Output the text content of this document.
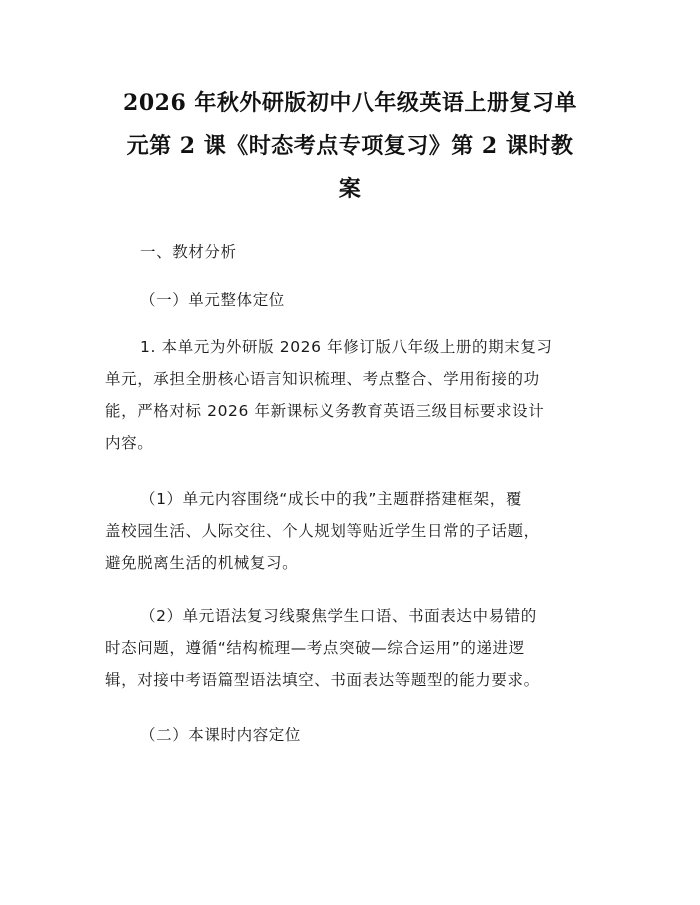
2026 年秋外研版初中八年级英语上册复习单
元第 2 课《时态考点专项复习》第 2 课时教
案

一、教材分析

（一）单元整体定位

1. 本单元为外研版 2026 年修订版八年级上册的期末复习
单元，承担全册核心语言知识梳理、考点整合、学用衔接的功
能，严格对标 2026 年新课标义务教育英语三级目标要求设计
内容。
（1）单元内容围绕“成长中的我”主题群搭建框架，覆
盖校园生活、人际交往、个人规划等贴近学生日常的子话题，
避免脱离生活的机械复习。
（2）单元语法复习线聚焦学生口语、书面表达中易错的
时态问题，遵循“结构梳理—考点突破—综合运用”的递进逻
辑，对接中考语篇型语法填空、书面表达等题型的能力要求。

（二）本课时内容定位
